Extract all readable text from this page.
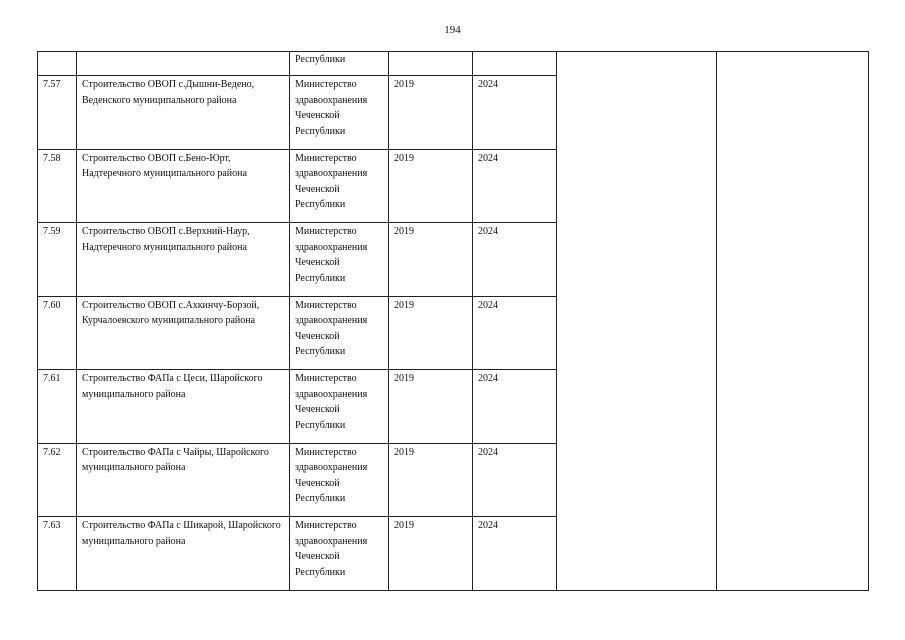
194
		Республики				
7.57	Строительство ОВОП с.Дышни-Ведено, Веденского муниципального района	Министерство здравоохранения Чеченской Республики	2019	2024		
7.58	Строительство ОВОП с.Бено-Юрт, Надтеречного муниципального района	Министерство здравоохранения Чеченской Республики	2019	2024		
7.59	Строительство ОВОП с.Верхний-Наур, Надтеречного муниципального района	Министерство здравоохранения Чеченской Республики	2019	2024		
7.60	Строительство ОВОП с.Ахкинчу-Борзой, Курчалоевского муниципального района	Министерство здравоохранения Чеченской Республики	2019	2024		
7.61	Строительство ФАПа с Цеси, Шаройского муниципального района	Министерство здравоохранения Чеченской Республики	2019	2024		
7.62	Строительство ФАПа с Чайры, Шаройского муниципального района	Министерство здравоохранения Чеченской Республики	2019	2024		
7.63	Строительство ФАПа с Шикарой, Шаройского муниципального района	Министерство здравоохранения Чеченской Республики	2019	2024		
